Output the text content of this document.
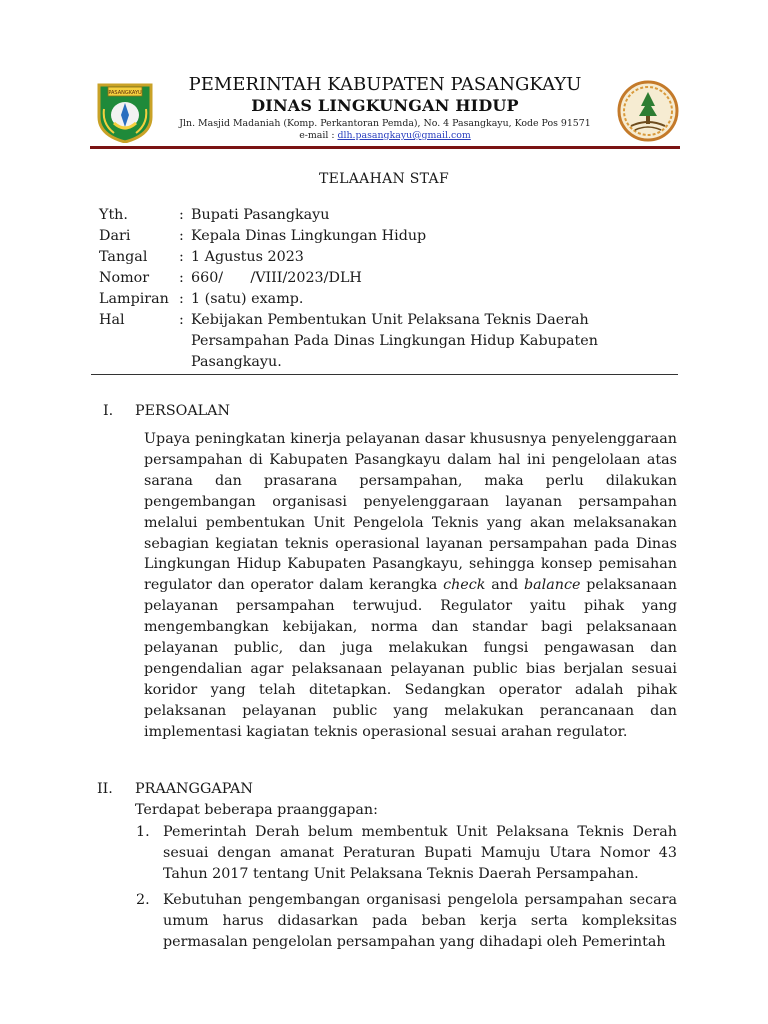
PASANGKAYU	PEMERINTAH KABUPATEN PASANGKAYU
DINAS LINGKUNGAN HIDUP
Jln. Masjid Madaniah (Komp. Perkantoran Pemda), No. 4 Pasangkayu, Kode Pos 91571
e-mail : dlh.pasangkayu@gmail.com
TELAAHAN STAF
Yth.	: Bupati Pasangkayu
Dari	: Kepala Dinas Lingkungan Hidup
Tangal	: 1 Agustus 2023
Nomor	: 660/      /VIII/2023/DLH
Lampiran : 1 (satu) examp.
Hal	: Kebijakan Pembentukan Unit Pelaksana Teknis Daerah Persampahan Pada Dinas Lingkungan Hidup Kabupaten Pasangkayu.
I. PERSOALAN

Upaya peningkatan kinerja pelayanan dasar khususnya penyelenggaraan persampahan di Kabupaten Pasangkayu dalam hal ini pengelolaan atas sarana dan prasarana persampahan, maka perlu dilakukan pengembangan organisasi penyelenggaraan layanan persampahan melalui pembentukan Unit Pengelola Teknis yang akan melaksanakan sebagian kegiatan teknis operasional layanan persampahan pada Dinas Lingkungan Hidup Kabupaten Pasangkayu, sehingga konsep pemisahan regulator dan operator dalam kerangka check and balance pelaksanaan pelayanan persampahan terwujud. Regulator yaitu pihak yang mengembangkan kebijakan, norma dan standar bagi pelaksanaan pelayanan public, dan juga melakukan fungsi pengawasan dan pengendalian agar pelaksanaan pelayanan public bias berjalan sesuai koridor yang telah ditetapkan. Sedangkan operator adalah pihak pelaksanan pelayanan public yang melakukan perancanaan dan implementasi kagiatan teknis operasional sesuai arahan regulator.

II. PRAANGGAPAN
Terdapat beberapa praanggapan:
1. Pemerintah Derah belum membentuk Unit Pelaksana Teknis Derah sesuai dengan amanat Peraturan Bupati Mamuju Utara Nomor 43 Tahun 2017 tentang Unit Pelaksana Teknis Daerah Persampahan.
2. Kebutuhan pengembangan organisasi pengelola persampahan secara umum harus didasarkan pada beban kerja serta kompleksitas permasalan pengelolan persampahan yang dihadapi oleh Pemerintah
